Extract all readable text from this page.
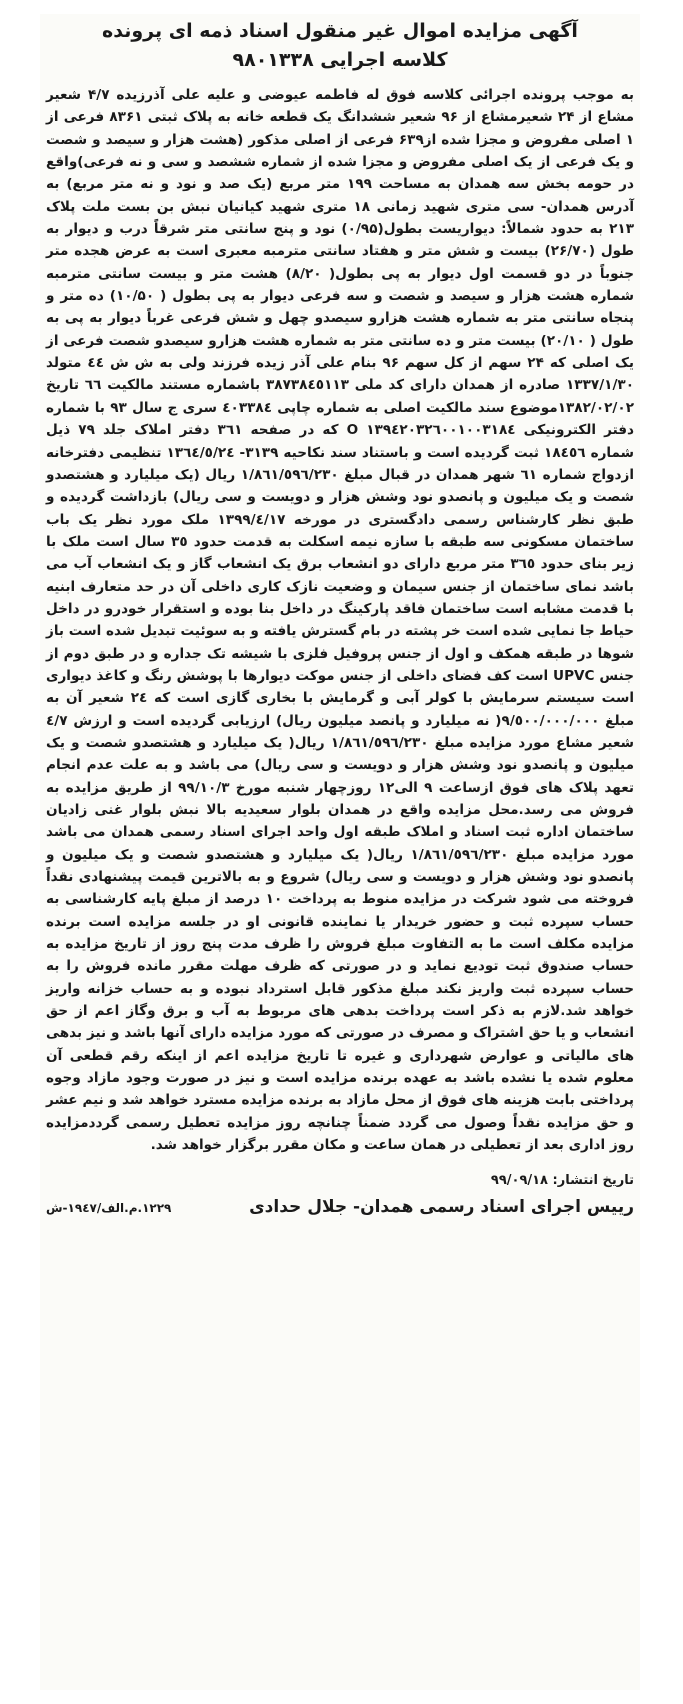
آگهی مزایده اموال غیر منقول اسناد ذمه ای پرونده
کلاسه اجرایی ۹۸۰۱۳۳۸

به موجب پرونده اجرائی کلاسه فوق له فاطمه عیوضی و علیه علی آذرزیده ۴/۷ شعیر مشاع از ۲۴ شعیرمشاع از ۹۶ شعیر ششدانگ یک قطعه خانه به پلاک ثبتی ۸۳۶۱ فرعی از ۱ اصلی مفروض و مجزا شده از۶۳۹ فرعی از اصلی مذکور (هشت هزار و سیصد و شصت و یک فرعی از یک اصلی مفروض و مجزا شده از شماره ششصد و سی و نه فرعی)واقع در حومه بخش سه همدان به مساحت ۱۹۹ متر مربع (یک صد و نود و نه متر مربع) به آدرس همدان- سی متری شهید زمانی ۱۸ متری شهید کیانیان نبش بن بست ملت پلاک ۲۱۳ به حدود شمالاً: دیواریست بطول(۰/۹۵) نود و پنج سانتی متر شرقاً درب و دیوار به طول (۲۶/۷۰) بیست و شش متر و هفتاد سانتی مترمبه معبری است به عرض هجده متر جنوباً در دو قسمت اول دیوار به پی بطول( ۸/۲۰) هشت متر و بیست سانتی مترمبه شماره هشت هزار و سیصد و شصت و سه فرعی دیوار به پی بطول ( ۱۰/۵۰) ده متر و پنجاه سانتی متر به شماره هشت هزارو سیصدو چهل و شش فرعی غرباً دیوار به پی به طول ( ۲۰/۱۰) بیست متر و ده سانتی متر به شماره هشت هزارو سیصدو شصت فرعی از یک اصلی که ۲۴ سهم از کل سهم ۹۶ بنام علی آذر زیده فرزند ولی به ش ش ٤٤ متولد ۱۳۳۷/۱/۳۰ صادره از همدان دارای کد ملی ۳۸۷۳۸٤٥۱۱۳ باشماره مستند مالکیت ٦٦ تاریخ ۱۳۸۲/۰۲/۰۲موضوع سند مالکیت اصلی به شماره چاپی ٤۰۳۳۸٤ سری ج سال ۹۳ با شماره دفتر الکترونیکی ۱۳۹٤۲۰۳۲٦۰۰۱۰۰۳۱۸٤ O که در صفحه ۳٦۱ دفتر املاک جلد ۷۹ ذیل شماره ۱۸٤٥٦ ثبت گردیده است و باستناد سند نکاحیه ۳۱۳۹- ۱۳٦٤/٥/۲٤ تنظیمی دفترخانه ازدواج شماره ٦۱ شهر همدان در قبال مبلغ ۱/۸٦۱/٥۹٦/۲۳۰ ریال (یک میلیارد و هشتصدو شصت و یک میلیون و پانصدو نود وشش هزار و دویست و سی ریال) بازداشت گردیده و طبق نظر کارشناس رسمی دادگستری در مورخه ۱۳۹۹/٤/۱۷ ملک مورد نظر یک باب ساختمان مسکونی سه طبقه با سازه نیمه اسکلت به قدمت حدود ۳٥ سال است ملک با زیر بنای حدود ۳٦٥ متر مربع دارای دو انشعاب برق یک انشعاب گاز و یک انشعاب آب می باشد نمای ساختمان از جنس سیمان و وضعیت نازک کاری داخلی آن در حد متعارف ابنیه با قدمت مشابه است ساختمان فاقد پارکینگ در داخل بنا بوده و استقرار خودرو در داخل حیاط جا نمایی شده است خر پشته در بام گسترش یافته و به سوئیت تبدیل شده است باز شوها در طبقه همکف و اول از جنس پروفیل فلزی با شیشه تک جداره و در طبق دوم از جنس UPVC است کف فضای داخلی از جنس موکت دیوارها با پوشش رنگ و کاغذ دیواری است سیستم سرمایش با کولر آبی و گرمایش با بخاری گازی است که ۲٤ شعیر آن به مبلغ ۹/٥۰۰/۰۰۰/۰۰۰( نه میلیارد و پانصد میلیون ریال) ارزیابی گردیده است و ارزش ٤/۷ شعیر مشاع مورد مزایده مبلغ ۱/۸٦۱/٥۹٦/۲۳۰ ریال( یک میلیارد و هشتصدو شصت و یک میلیون و پانصدو نود وشش هزار و دویست و سی ریال) می باشد و به علت عدم انجام تعهد پلاک های فوق ازساعت ۹ الی۱۲ روزچهار شنبه مورخ ۹۹/۱۰/۳ از طریق مزایده به فروش می رسد.محل مزایده واقع در همدان بلوار سعیدیه بالا نبش بلوار غنی زادیان ساختمان اداره ثبت اسناد و املاک طبقه اول واحد اجرای اسناد رسمی همدان می باشد مورد مزایده مبلغ ۱/۸٦۱/٥۹٦/۲۳۰ ریال( یک میلیارد و هشتصدو شصت و یک میلیون و پانصدو نود وشش هزار و دویست و سی ریال) شروع و به بالاترین قیمت پیشنهادی نقداً فروخته می شود شرکت در مزایده منوط به پرداخت ۱۰ درصد از مبلغ پایه کارشناسی به حساب سپرده ثبت و حضور خریدار یا نماینده قانونی او در جلسه مزایده است برنده مزایده مکلف است ما به التفاوت مبلغ فروش را ظرف مدت پنج روز از تاریخ مزایده به حساب صندوق ثبت تودیع نماید و در صورتی که ظرف مهلت مقرر مانده فروش را به حساب سپرده ثبت واریز نکند مبلغ مذکور قابل استرداد نبوده و به حساب خزانه واریز خواهد شد.لازم به ذکر است پرداخت بدهی های مربوط به آب و برق وگاز اعم از حق انشعاب و یا حق اشتراک و مصرف در صورتی که مورد مزایده دارای آنها باشد و نیز بدهی های مالیاتی و عوارض شهرداری و غیره تا تاریخ مزایده اعم از اینکه رقم قطعی آن معلوم شده یا نشده باشد به عهده برنده مزایده است و نیز در صورت وجود مازاد وجوه پرداختی بابت هزینه های فوق از محل مازاد به برنده مزایده مسترد خواهد شد و نیم عشر و حق مزایده نقداً وصول می گردد ضمناً چنانچه روز مزایده تعطیل رسمی گرددمزایده روز اداری بعد از تعطیلی در همان ساعت و مکان مقرر برگزار خواهد شد.

تاریخ انتشار: ۹۹/۰۹/۱۸
رییس اجرای اسناد رسمی همدان- جلال حدادی
۱۲۲۹.م.الف/۱۹٤۷-ش
